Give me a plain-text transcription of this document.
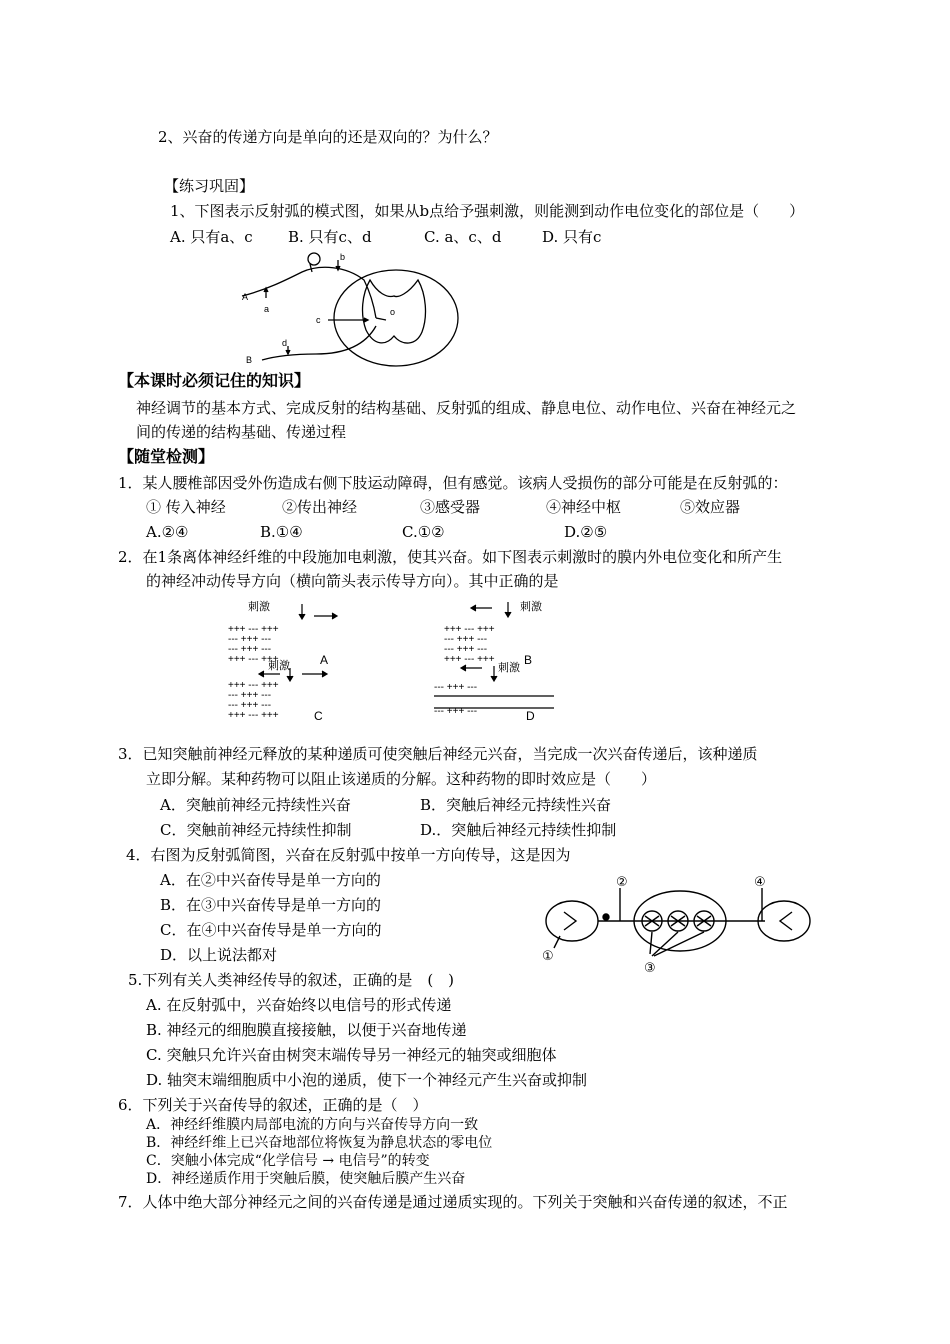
2、兴奋的传递方向是单向的还是双向的？为什么？
【练习巩固】
1、下图表示反射弧的模式图，如果从b点给予强刺激，则能测到动作电位变化的部位是（　　）
A. 只有a、c B. 只有c、d	C. a、c、d	D. 只有c
A
a
b
c
o
d
B
【本课时必须记住的知识】
神经调节的基本方式、完成反射的结构基础、反射弧的组成、静息电位、动作电位、兴奋在神经元之
间的传递的结构基础、传递过程
【随堂检测】
1．某人腰椎部因受外伤造成右侧下肢运动障碍，但有感觉。该病人受损伤的部分可能是在反射弧的：
① 传入神经	②传出神经	③感受器	④神经中枢	⑤效应器
A.②④	B.①④	C.①②	D.②⑤
2．在1条离体神经纤维的中段施加电刺激，使其兴奋。如下图表示刺激时的膜内外电位变化和所产生
的神经冲动传导方向（横向箭头表示传导方向）。其中正确的是
刺激
+++ --- +++
--- +++ ---
--- +++ ---
+++ --- +++	A
刺激
+++ --- +++
--- +++ ---
--- +++ ---
+++ --- +++ B
刺激
+++ --- +++
--- +++ ---
--- +++ ---
+++ --- +++	C
刺激
--- +++ ---
--- +++ ---	D
3．已知突触前神经元释放的某种递质可使突触后神经元兴奋，当完成一次兴奋传递后，该种递质
立即分解。某种药物可以阻止该递质的分解。这种药物的即时效应是（　　）
A．突触前神经元持续性兴奋	B．突触后神经元持续性兴奋
C．突触前神经元持续性抑制	D.．突触后神经元持续性抑制
4．右图为反射弧简图，兴奋在反射弧中按单一方向传导，这是因为
A．在②中兴奋传导是单一方向的
B．在③中兴奋传导是单一方向的
C．在④中兴奋传导是单一方向的
D．以上说法都对	①
②
③
④
5.下列有关人类神经传导的叙述，正确的是　(　)
A. 在反射弧中，兴奋始终以电信号的形式传递
B. 神经元的细胞膜直接接触，以便于兴奋地传递
C. 突触只允许兴奋由树突末端传导另一神经元的轴突或细胞体
D. 轴突末端细胞质中小泡的递质，使下一个神经元产生兴奋或抑制
6．下列关于兴奋传导的叙述，正确的是（　）
A．神经纤维膜内局部电流的方向与兴奋传导方向一致
B．神经纤维上已兴奋地部位将恢复为静息状态的零电位
C．突触小体完成“化学信号 → 电信号”的转变
D．神经递质作用于突触后膜，使突触后膜产生兴奋
7．人体中绝大部分神经元之间的兴奋传递是通过递质实现的。下列关于突触和兴奋传递的叙述，不正
